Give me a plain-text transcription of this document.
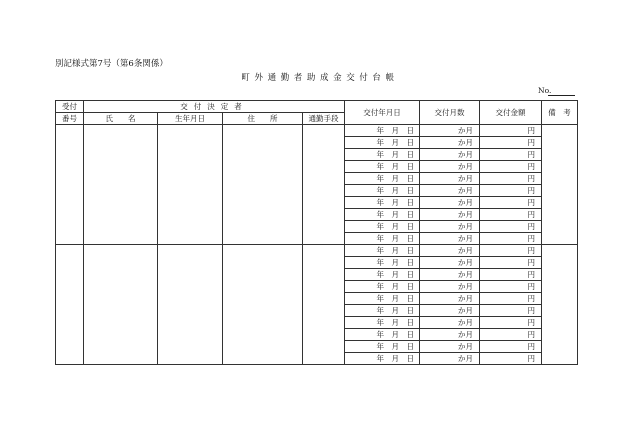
別記様式第7号（第6条関係）
町外通勤者助成金交付台帳
No.
受付	交付決定者				交付年月日	交付月数	交付金額	備　考
番号	氏　　名	生年月日	住　　所	通勤手段				
					年　月　日	か月	円	
					年　月　日	か月	円	
					年　月　日	か月	円	
					年　月　日	か月	円	
					年　月　日	か月	円	
					年　月　日	か月	円	
					年　月　日	か月	円	
					年　月　日	か月	円	
					年　月　日	か月	円	
					年　月　日	か月	円	
					年　月　日	か月	円	
					年　月　日	か月	円	
					年　月　日	か月	円	
					年　月　日	か月	円	
					年　月　日	か月	円	
					年　月　日	か月	円	
					年　月　日	か月	円	
					年　月　日	か月	円	
					年　月　日	か月	円	
					年　月　日	か月	円	
